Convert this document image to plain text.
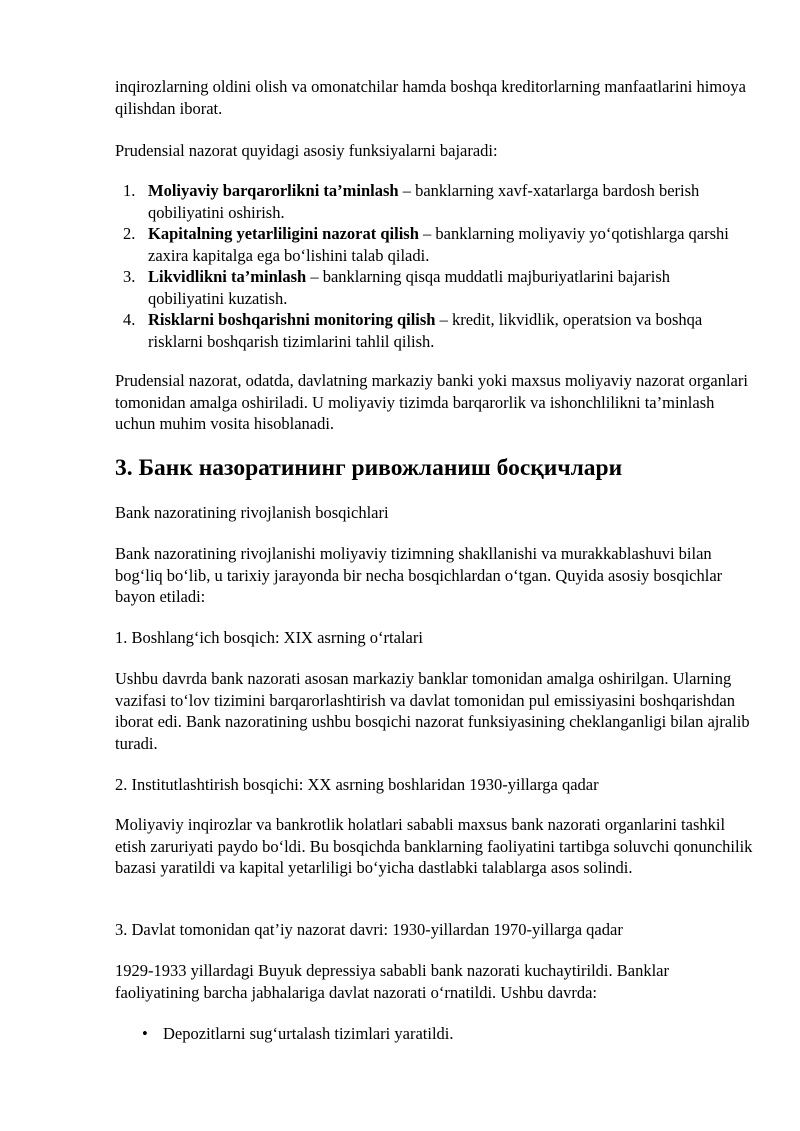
inqirozlarning oldini olish va omonatchilar hamda boshqa kreditorlarning manfaatlarini himoya qilishdan iborat.

Prudensial nazorat quyidagi asosiy funksiyalarni bajaradi:

1. Moliyaviy barqarorlikni ta’minlash – banklarning xavf-xatarlarga bardosh berish qobiliyatini oshirish.
2. Kapitalning yetarliligini nazorat qilish – banklarning moliyaviy yo‘qotishlarga qarshi zaxira kapitalga ega bo‘lishini talab qiladi.
3. Likvidlikni ta’minlash – banklarning qisqa muddatli majburiyatlarini bajarish qobiliyatini kuzatish.
4. Risklarni boshqarishni monitoring qilish – kredit, likvidlik, operatsion va boshqa risklarni boshqarish tizimlarini tahlil qilish.

Prudensial nazorat, odatda, davlatning markaziy banki yoki maxsus moliyaviy nazorat organlari tomonidan amalga oshiriladi. U moliyaviy tizimda barqarorlik va ishonchlilikni ta’minlash uchun muhim vosita hisoblanadi.

3. Банк назоратининг ривожланиш босқичлари

Bank nazoratining rivojlanish bosqichlari

Bank nazoratining rivojlanishi moliyaviy tizimning shakllanishi va murakkablashuvi bilan bog‘liq bo‘lib, u tarixiy jarayonda bir necha bosqichlardan o‘tgan. Quyida asosiy bosqichlar bayon etiladi:

1. Boshlang‘ich bosqich: XIX asrning o‘rtalari

Ushbu davrda bank nazorati asosan markaziy banklar tomonidan amalga oshirilgan. Ularning vazifasi to‘lov tizimini barqarorlashtirish va davlat tomonidan pul emissiyasini boshqarishdan iborat edi. Bank nazoratining ushbu bosqichi nazorat funksiyasining cheklanganligi bilan ajralib turadi.

2. Institutlashtirish bosqichi: XX asrning boshlaridan 1930-yillarga qadar

Moliyaviy inqirozlar va bankrotlik holatlari sababli maxsus bank nazorati organlarini tashkil etish zaruriyati paydo bo‘ldi. Bu bosqichda banklarning faoliyatini tartibga soluvchi qonunchilik bazasi yaratildi va kapital yetarliligi bo‘yicha dastlabki talablarga asos solindi.

3. Davlat tomonidan qat’iy nazorat davri: 1930-yillardan 1970-yillarga qadar

1929-1933 yillardagi Buyuk depressiya sababli bank nazorati kuchaytirildi. Banklar faoliyatining barcha jabhalariga davlat nazorati o‘rnatildi. Ushbu davrda:

• Depozitlarni sug‘urtalash tizimlari yaratildi.
